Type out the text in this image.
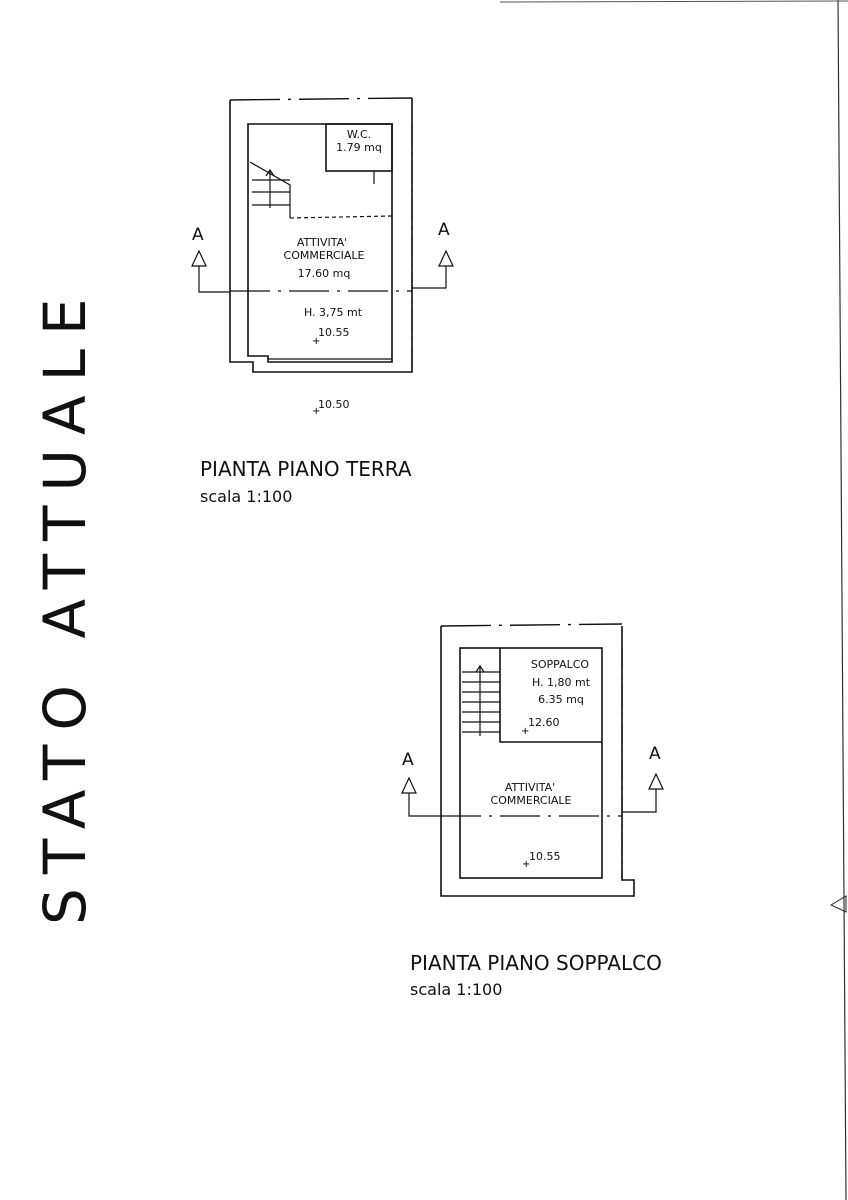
STATO ATTUALE
A	A
W.C.
1.79 mq
ATTIVITA'
COMMERCIALE
17.60 mq
H. 3,75 mt
10.55
+
10.50
+
PIANTA PIANO TERRA
scala 1:100
A	A
SOPPALCO
H. 1,80 mt
6.35 mq
12.60
+
ATTIVITA'
COMMERCIALE
10.55
+
PIANTA PIANO SOPPALCO
scala 1:100
